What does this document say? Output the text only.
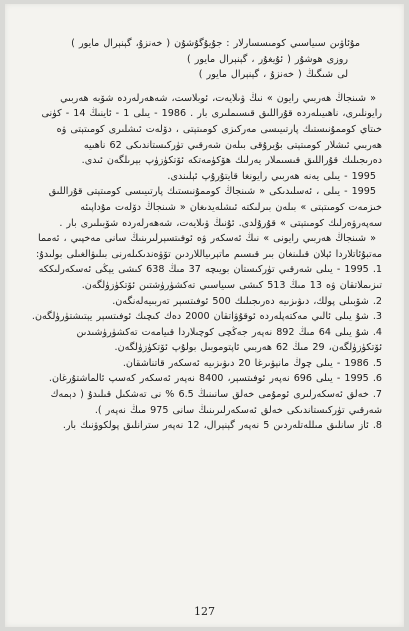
مۇئاۋىن سىياسىي كومىسسارلار : جۇيۇگۇشۇن ( خەنزۇ، گېنېرال مايور )
روزى ھوشۇر ( ئۇيغۇر ، گېنېرال مايور )
لى شىگىڭ ( خەنزۇ ، گېنېرال مايور )
« شىنجاڭ ھەربىي رايون » نىڭ ۋىلايەت، ئوبلاست، شەھەرلەردە شۆبە ھەربىي
رايونلىرى، ناھىيىلەردە قۇراللىق قىسىملىرى بار . 1986 - يىلى 1 - ئاينىڭ 14 - كۈنى
خىتاي كوممۇنىستىك پارتىيىسى مەركىزى كومىتېتى ، دۆلەت ئىشلىرى كومىتېتى ۋە
ھەربىي ئىشلار كومىتېتى بۇيرۇقى بىلەن شەرقىي تۈركىستاندىكى 62 ناھىيە
دەرىجىلىك قۇراللىق قىسىملار يەرلىك ھۆكۈمەتكە ئۆتكۈزۈپ بېرىلگەن ئىدى.
1995 - يىلى يەنە ھەربىي رايونغا قايتۇرۇپ ئېلىندى.
1995 - يىلى ، ئەسلىدىكى « شىنجاڭ كوممۇنىستىك پارتىيىسى كومىتېتى قۇراللىق
خىزمەت كومىتېتى » بىلەن بىرلىكتە ئىشلەيدىغان « شىنجاڭ دۆلەت مۇداپىئە
سەپەرۋەرلىك كومىتېتى » قۇرۇلدى. ئۇنىڭ ۋىلايەت، شەھەرلەردە شۆبىلىرى بار .
« شىنجاڭ ھەربىي رايونى » نىڭ ئەسكەر ۋە ئوفىتسېرلىرىنىڭ سانى مەخپىي ، ئەمما
مەتبۇئاتلاردا ئېلان قىلىنغان بىر قىسىم ماتېرىياللاردىن تۆۋەندىكىلەرنى بىلىۋالغىلى بولىدۇ:
1. 1995 - يىلى شەرقىي تۈركىستان بويىچە 37 مىڭ 638 كىشى يېڭى ئەسكەرلىككە
تىزىملاتقان ۋە 13 مىڭ 513 كىشى سىياسىي تەكشۈرۈشتىن ئۆتكۈزۈلگەن.
2. شۆبىلى پولك، دىۋىزىيە دەرىجىلىك 500 ئوفىتسېر تەربىيەلەنگەن.
3. شۇ يىلى ئالىي مەكتەپلەردە ئوقۇۋاتقان 2000 دەك كىچىك ئوفىتسېر يېتىشتۈرۈلگەن.
4. شۇ يىلى 64 مىڭ 892 نەپەر جەڭچى كوچىلاردا قىيامەت تەكشۈرۈشىدىن
ئۆتكۈزۈلگەن، 29 مىڭ 62 ھەربىي ئاپتوموبىل بولۇپ ئۆتكۈزۈلگەن.
5. 1986 - يىلى چوڭ مانېۋىرغا 20 دىۋىزىيە ئەسكەر قاتناشقان.
6. 1995 - يىلى 696 نەپەر ئوفىتسېر، 8400 نەپەر ئەسكەر كەسپ ئالماشتۇرغان.
7. خەلق ئەسكەرلىرى ئومۇمى خەلق سانىنىڭ 6.5 % نى تەشكىل قىلىدۇ ( دېمەك
شەرقىي تۈركىستاندىكى خەلق ئەسكەرلىرىنىڭ سانى 975 مىڭ نەپەر ).
8. ئاز سانلىق مىللەتلەردىن 5 نەپەر گېنېرال، 12 نەپەر سترانلىق پولكوۋنىك بار.
127
